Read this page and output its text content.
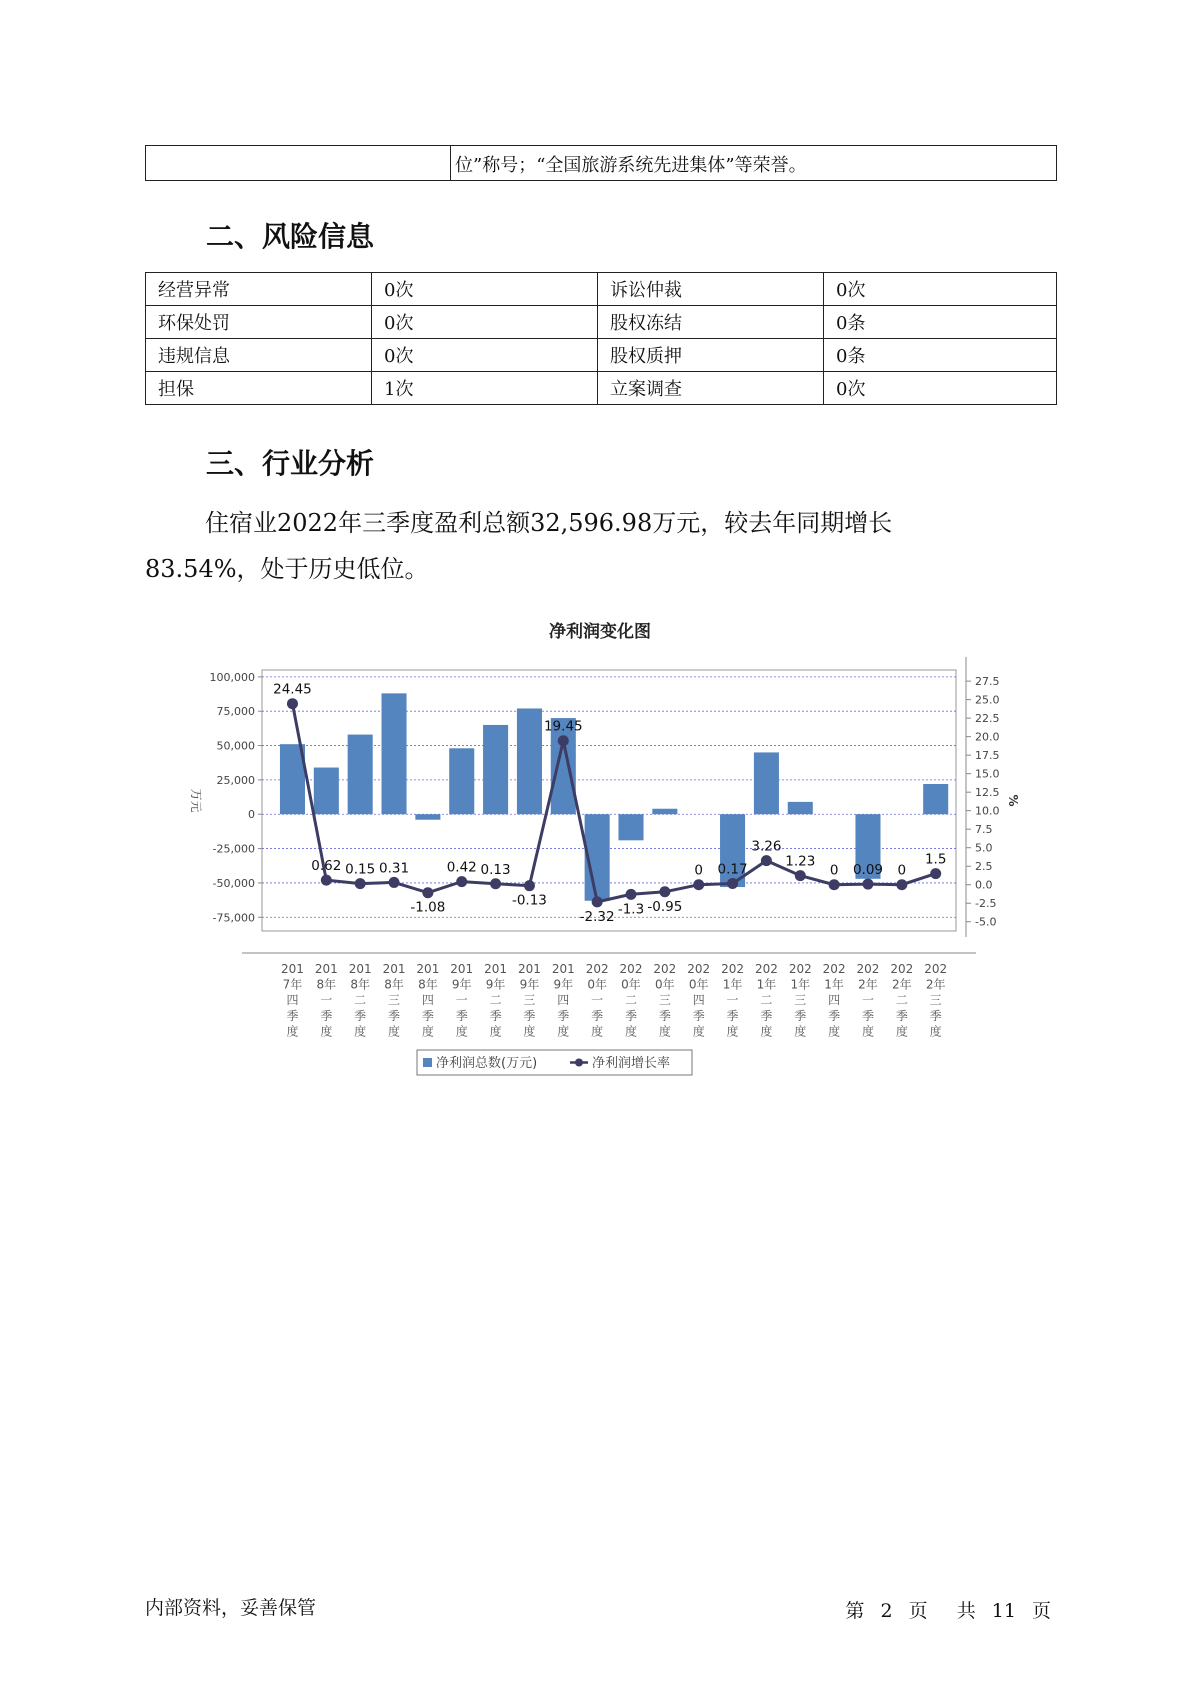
	位”称号；“全国旅游系统先进集体”等荣誉。
二、风险信息
经营异常	0次	诉讼仲裁	0次
环保处罚	0次	股权冻结	0条
违规信息	0次	股权质押	0条
担保	1次	立案调查	0次
三、行业分析

住宿业2022年三季度盈利总额32,596.98万元，较去年同期增长83.54%，处于历史低位。

净利润变化图
100,000
75,000
50,000
25,000
0
-25,000
-50,000
-75,000
27.5
25.0
22.5
20.0
17.5
15.0
12.5
10.0
7.5
5.0
2.5
0.0
-2.5
-5.0
万元	%
24.45
0.62 0.15 0.31
-1.08
0.42 0.13
-0.13
19.45
-2.32 -1.3 -0.95
0 0.17
3.26
1.23
0 0.09 0
1.5
201
7年
四
季
度
201
8年
一
季
度
201
8年
二
季
度
201
8年
三
季
度
201
8年
四
季
度
201
9年
一
季
度
201
9年
二
季
度
201
9年
三
季
度
201
9年
四
季
度
202
0年
一
季
度
202
0年
二
季
度
202
0年
三
季
度
202
0年
四
季
度
202
1年
一
季
度
202
1年
二
季
度
202
1年
三
季
度
202
1年
四
季
度
202
2年
一
季
度
202
2年
二
季
度
202
2年
三
季
度
净利润总数(万元)	净利润增长率
内部资料，妥善保管	第 2 页 共 11 页
